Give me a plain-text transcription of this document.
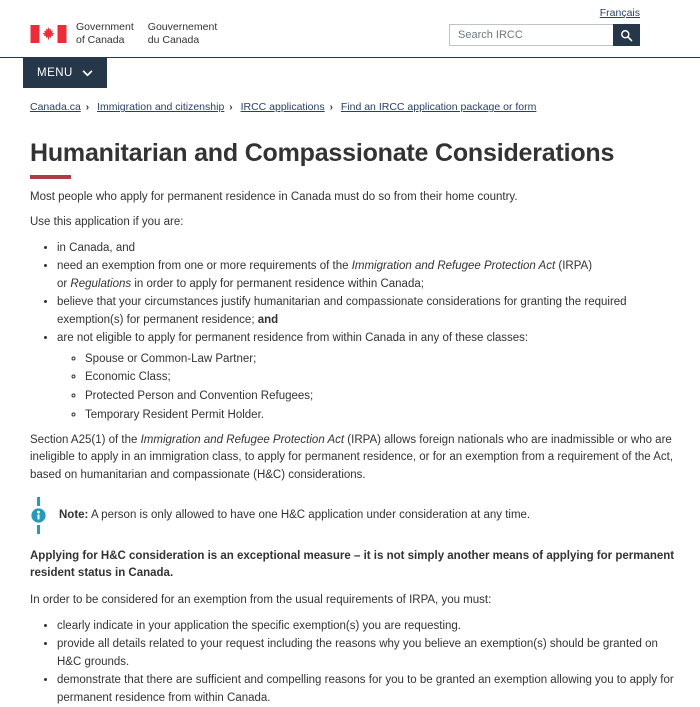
Français
Government
of Canada
Gouvernement
du Canada
Search IRCC
MENU
Canada.ca › Immigration and citizenship › IRCC applications › Find an IRCC application package or form
Humanitarian and Compassionate Considerations

Most people who apply for permanent residence in Canada must do so from their home country.

Use this application if you are:

• in Canada, and
• need an exemption from one or more requirements of the Immigration and Refugee Protection Act (IRPA)
or Regulations in order to apply for permanent residence within Canada;
• believe that your circumstances justify humanitarian and compassionate considerations for granting the required exemption(s) for permanent residence; and
• are not eligible to apply for permanent residence from within Canada in any of these classes:
◦ Spouse or Common-Law Partner;
◦ Economic Class;
◦ Protected Person and Convention Refugees;
◦ Temporary Resident Permit Holder.

Section A25(1) of the Immigration and Refugee Protection Act (IRPA) allows foreign nationals who are inadmissible or who are ineligible to apply in an immigration class, to apply for permanent residence, or for an exemption from a requirement of the Act, based on humanitarian and compassionate (H&C) considerations.

Note: A person is only allowed to have one H&C application under consideration at any time.

Applying for H&C consideration is an exceptional measure – it is not simply another means of applying for permanent resident status in Canada.

In order to be considered for an exemption from the usual requirements of IRPA, you must:

• clearly indicate in your application the specific exemption(s) you are requesting.
• provide all details related to your request including the reasons why you believe an exemption(s) should be granted on H&C grounds.
• demonstrate that there are sufficient and compelling reasons for you to be granted an exemption allowing you to apply for permanent residence from within Canada.
